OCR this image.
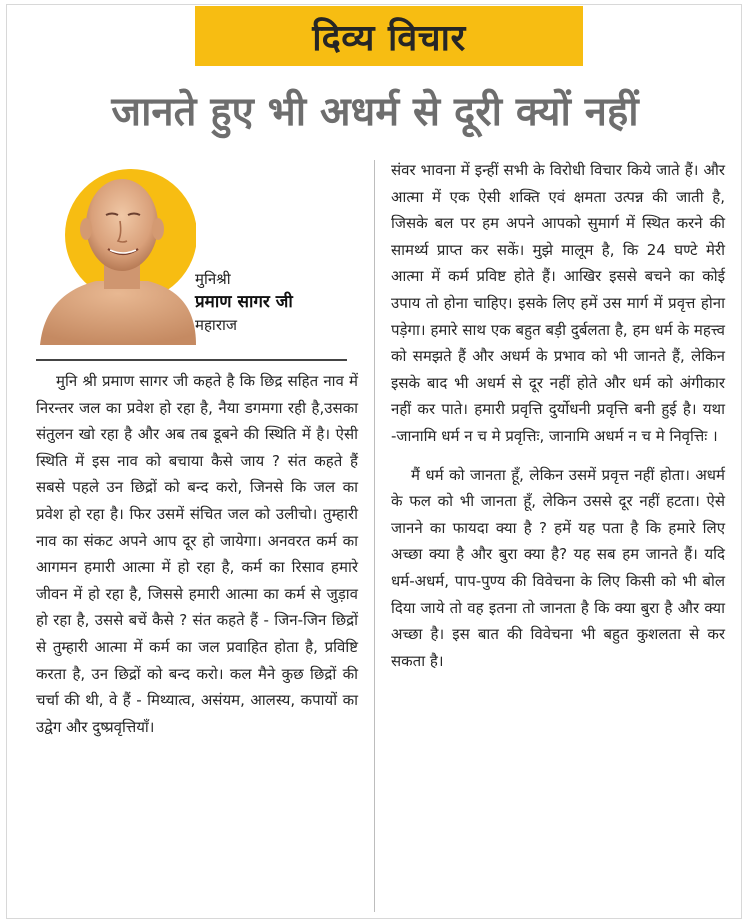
दिव्य विचार
जानते हुए भी अधर्म से दूरी क्यों नहीं
मुनिश्री
प्रमाण सागर जी
महाराज

मुनि श्री प्रमाण सागर जी कहते है कि छिद्र सहित नाव में निरन्तर जल का प्रवेश हो रहा है, नैया डगमगा रही है,उसका संतुलन खो रहा है और अब तब डूबने की स्थिति में है। ऐसी स्थिति में इस नाव को बचाया कैसे जाय ? संत कहते हैं सबसे पहले उन छिद्रों को बन्द करो, जिनसे कि जल का प्रवेश हो रहा है। फिर उसमें संचित जल को उलीचो। तुम्हारी नाव का संकट अपने आप दूर हो जायेगा। अनवरत कर्म का आगमन हमारी आत्मा में हो रहा है, कर्म का रिसाव हमारे जीवन में हो रहा है, जिससे हमारी आत्मा का कर्म से जुड़ाव हो रहा है, उससे बचें कैसे ? संत कहते हैं - जिन-जिन छिद्रों से तुम्हारी आत्मा में कर्म का जल प्रवाहित होता है, प्रविष्टि करता है, उन छिद्रों को बन्द करो। कल मैने कुछ छिद्रों की चर्चा की थी, वे हैं - मिथ्यात्व, असंयम, आलस्य, कपायों का उद्वेग और दुष्प्रवृत्तियाँ।

संवर भावना में इन्हीं सभी के विरोधी विचार किये जाते हैं। और आत्मा में एक ऐसी शक्ति एवं क्षमता उत्पन्न की जाती है, जिसके बल पर हम अपने आपको सुमार्ग में स्थित करने की सामर्थ्य प्राप्त कर सकें। मुझे मालूम है, कि 24 घण्टे मेरी आत्मा में कर्म प्रविष्ट होते हैं। आखिर इससे बचने का कोई उपाय तो होना चाहिए। इसके लिए हमें उस मार्ग में प्रवृत्त होना पड़ेगा। हमारे साथ एक बहुत बड़ी दुर्बलता है, हम धर्म के महत्त्व को समझते हैं और अधर्म के प्रभाव को भी जानते हैं, लेकिन इसके बाद भी अधर्म से दूर नहीं होते और धर्म को अंगीकार नहीं कर पाते। हमारी प्रवृत्ति दुर्योधनी प्रवृत्ति बनी हुई है। यथा -जानामि धर्म न च मे प्रवृत्तिः, जानामि अधर्म न च मे निवृत्तिः ।

मैं धर्म को जानता हूँ, लेकिन उसमें प्रवृत्त नहीं होता। अधर्म के फल को भी जानता हूँ, लेकिन उससे दूर नहीं हटता। ऐसे जानने का फायदा क्या है ? हमें यह पता है कि हमारे लिए अच्छा क्या है और बुरा क्या है? यह सब हम जानते हैं। यदि धर्म-अधर्म, पाप-पुण्य की विवेचना के लिए किसी को भी बोल दिया जाये तो वह इतना तो जानता है कि क्या बुरा है और क्या अच्छा है। इस बात की विवेचना भी बहुत कुशलता से कर सकता है।
